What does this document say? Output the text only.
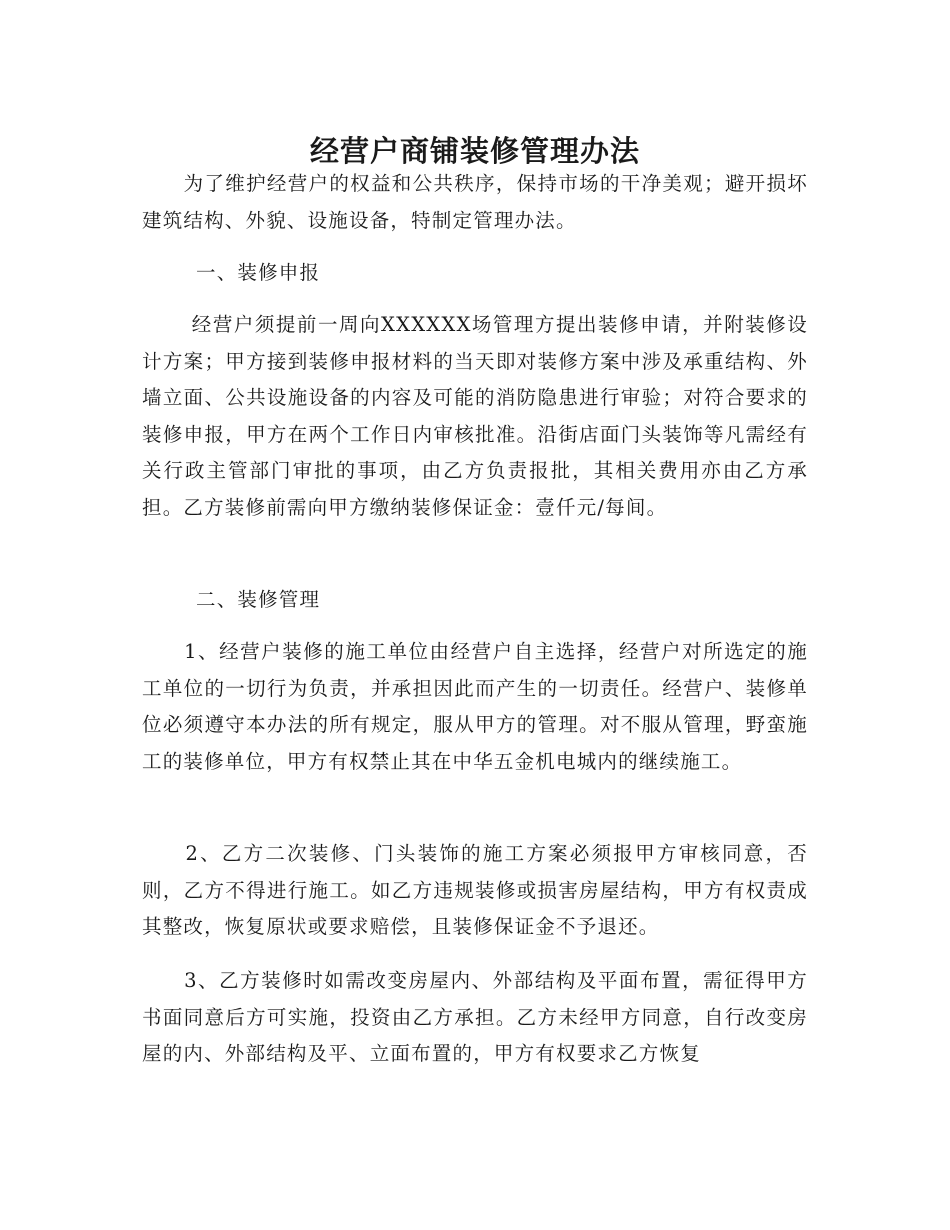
经营户商铺装修管理办法

　　为了维护经营户的权益和公共秩序，保持市场的干净美观；避开损坏建筑结构、外貌、设施设备，特制定管理办法。

一、装修申报

　　 经营户须提前一周向XXXXXX场管理方提出装修申请，并附装修设计方案；甲方接到装修申报材料的当天即对装修方案中涉及承重结构、外墙立面、公共设施设备的内容及可能的消防隐患进行审验；对符合要求的装修申报，甲方在两个工作日内审核批准。沿街店面门头装饰等凡需经有关行政主管部门审批的事项，由乙方负责报批，其相关费用亦由乙方承担。乙方装修前需向甲方缴纳装修保证金：壹仟元/每间。

二、装修管理

　　1、经营户装修的施工单位由经营户自主选择，经营户对所选定的施工单位的一切行为负责，并承担因此而产生的一切责任。经营户、装修单位必须遵守本办法的所有规定，服从甲方的管理。对不服从管理，野蛮施工的装修单位，甲方有权禁止其在中华五金机电城内的继续施工。

　　2、乙方二次装修、门头装饰的施工方案必须报甲方审核同意，否则，乙方不得进行施工。如乙方违规装修或损害房屋结构，甲方有权责成其整改，恢复原状或要求赔偿，且装修保证金不予退还。

　　3、乙方装修时如需改变房屋内、外部结构及平面布置，需征得甲方书面同意后方可实施，投资由乙方承担。乙方未经甲方同意，自行改变房屋的内、外部结构及平、立面布置的，甲方有权要求乙方恢复
